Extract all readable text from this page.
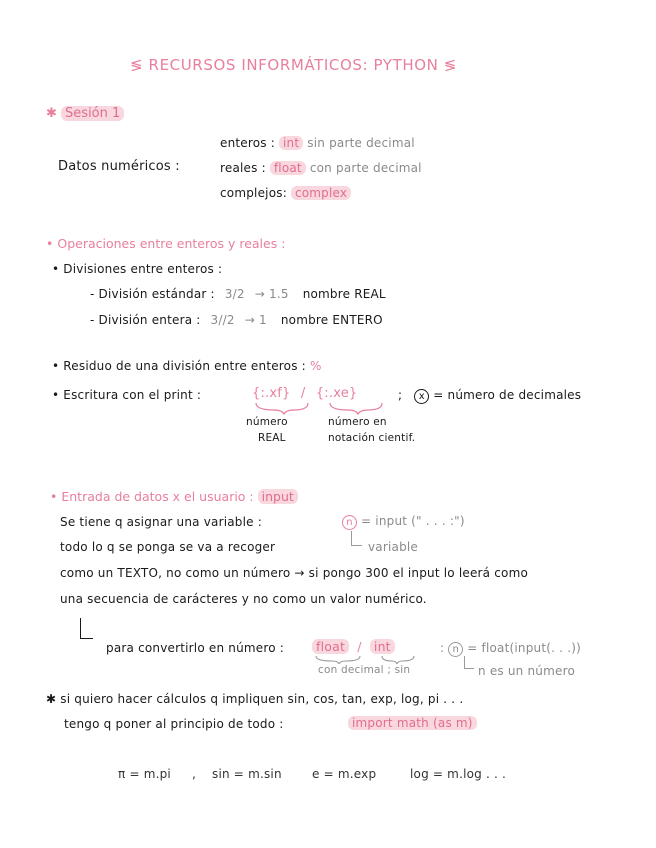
≶ RECURSOS INFORMÁTICOS: PYTHON ≶
✱ Sesión 1
Datos numéricos :
enteros : int sin parte decimal
reales : float con parte decimal
complejos: complex
• Operaciones entre enteros y reales :
• Divisiones entre enteros :
- División estándar : 3/2 → 1.5 nombre REAL
- División entera : 3//2 → 1 nombre ENTERO
• Residuo de una división entre enteros : %
• Escritura con el print :	{:.xf} / {:.xe}	; x = número de decimales
número
REAL
número en
notación cientif.
• Entrada de datos x el usuario : input
Se tiene q asignar una variable :	n = input (" . . . :")
todo lo q se ponga se va a recoger	variable
como un TEXTO, no como un número → si pongo 300 el input lo leerá como
una secuencia de carácteres y no como un valor numérico.
para convertirlo en número :	float / int
con decimal ; sin
: n = float(input(. . .))
n es un número
✱ si quiero hacer cálculos q impliquen sin, cos, tan, exp, log, pi . . .
tengo q poner al principio de todo :	import math (as m)
π = m.pi , sin = m.sin	e = m.exp	log = m.log . . .
